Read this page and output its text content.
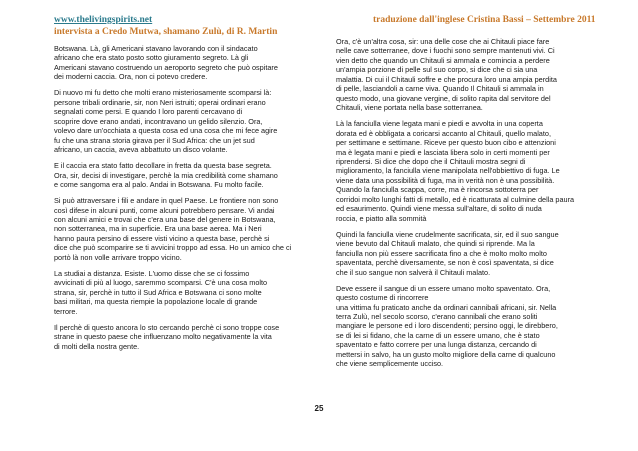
www.thelivingspirits.net
intervista a Credo Mutwa, shamano Zulù, di R. Martin
traduzione dall'inglese Cristina Bassi – Settembre 2011

Botswana. Là, gli Americani stavano lavorando con il sindacato
africano che era stato posto sotto giuramento segreto. Là gli
Americani stavano costruendo un aeroporto segreto che può ospitare
dei moderni caccia. Ora, non ci potevo credere.

Di nuovo mi fu detto che molti erano misteriosamente scomparsi là:
persone tribali ordinarie, sir, non Neri istruiti; operai ordinari erano
segnalati come persi. E quando I loro parenti cercavano di
scoprire dove erano andati, incontravano un gelido silenzio. Ora,
volevo dare un'occhiata a questa cosa ed una cosa che mi fece agire
fu che una strana storia girava per il Sud Africa: che un jet sud
africano, un caccia, aveva abbattuto un disco volante.

E il caccia era stato fatto decollare in fretta da questa base segreta.
Ora, sir, decisi di investigare, perchè la mia credibilità come shamano
e come sangoma era al palo. Andai in Botswana. Fu molto facile.

Si può attraversare i fili e andare in quel Paese. Le frontiere non sono
così difese in alcuni punti, come alcuni potrebbero pensare. Vi andai
con alcuni amici e trovai che c'era una base del genere in Botswana,
non sotterranea, ma in superficie. Era una base aerea. Ma i Neri
hanno paura persino di essere visti vicino a questa base, perchè si
dice che può scomparire se ti avvicini troppo ad essa. Ho un amico che ci
portò là non volle arrivare troppo vicino.

La studiai a distanza. Esiste. L'uomo disse che se ci fossimo
avvicinati di più al luogo, saremmo scomparsi. C'è una cosa molto
strana, sir, perchè in tutto il Sud Africa e Botswana ci sono molte
basi militari, ma questa riempie la popolazione locale di grande
terrore.

Il perchè di questo ancora lo sto cercando perchè ci sono troppe cose
strane in questo paese che influenzano molto negativamente la vita
di molti della nostra gente.

Ora, c'è un'altra cosa, sir: una delle cose che ai Chitauli piace fare
nelle cave sotterranee, dove i fuochi sono sempre mantenuti vivi. Ci
vien detto che quando un Chitauli si ammala e comincia a perdere
un'ampia porzione di pelle sul suo corpo, si dice che ci sia una
malattia. Di cui il Chitauli soffre e che procura loro una ampia perdita
di pelle, lasciandoli a carne viva. Quando Il Chitauli si ammala in
questo modo, una giovane vergine, di solito rapita dal servitore del
Chitauli, viene portata nella base sotterranea.

Là la fanciulla viene legata mani e piedi e avvolta in una coperta
dorata ed è obbligata a coricarsi accanto al Chitauli, quello malato,
per settimane e settimane. Riceve per questo buon cibo e attenzioni
ma è legata mani e piedi e lasciata libera solo in certi momenti per
riprendersi. Si dice che dopo che il Chitauli mostra segni di
miglioramento, la fanciulla viene manipolata nell'obbiettivo di fuga. Le
viene data una possibilità di fuga, ma in verità non è una possibilità.
Quando la fanciulla scappa, corre, ma è rincorsa sottoterra per
corridoi molto lunghi fatti di metallo, ed è ricatturata al culmine della paura
ed esaurimento. Quindi viene messa sull'altare, di solito di nuda
roccia, e piatto alla sommità

Quindi la fanciulla viene crudelmente sacrificata, sir, ed il suo sangue
viene bevuto dal Chitauli malato, che quindi si riprende. Ma la
fanciulla non più essere sacrificata fino a che è molto molto molto
spaventata, perchè diversamente, se non è così spaventata, si dice
che il suo sangue non salverà il Chitauli malato.

Deve essere il sangue di un essere umano molto spaventato. Ora,
questo costume di rincorrere
una vittima fu praticato anche da ordinari cannibali africani, sir. Nella
terra Zulù, nel secolo scorso, c'erano cannibali che erano soliti
mangiare le persone ed i loro discendenti; persino oggi, le direbbero,
se di lei si fidano, che la carne di un essere umano, che è stato
spaventato e fatto correre per una lunga distanza, cercando di
mettersi in salvo, ha un gusto molto migliore della carne di qualcuno
che viene semplicemente ucciso.

25
